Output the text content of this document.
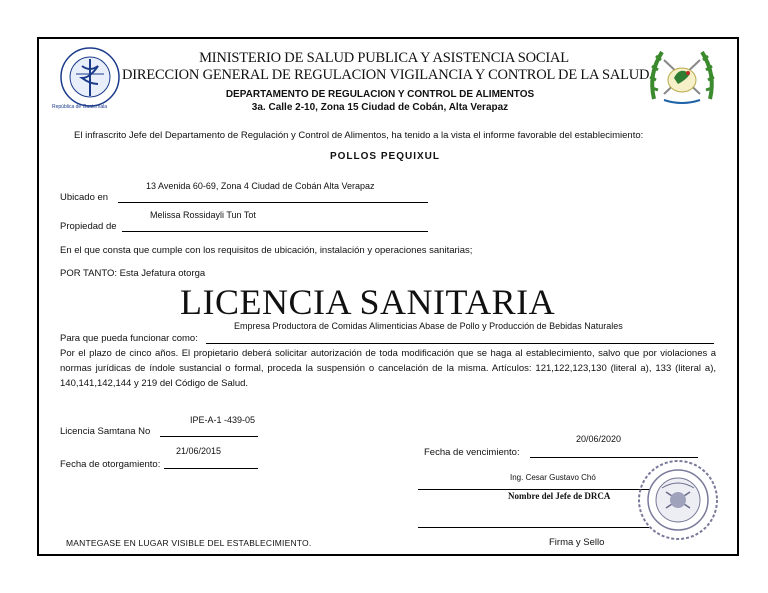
República de Guatemala
MINISTERIO DE SALUD PUBLICA Y ASISTENCIA SOCIAL
DIRECCION GENERAL DE REGULACION VIGILANCIA Y CONTROL DE LA SALUD
DEPARTAMENTO DE REGULACION Y CONTROL DE ALIMENTOS
3a. Calle 2-10, Zona 15 Ciudad de Cobán, Alta Verapaz
El infrascrito Jefe del Departamento de Regulación y Control de Alimentos, ha tenido a la vista el informe favorable del establecimiento:
POLLOS PEQUIXUL
Ubicado en
13 Avenida 60-69, Zona 4 Ciudad de Cobán Alta Verapaz
Propiedad de
Melissa Rossidayli Tun Tot
En el que consta que cumple con los requisitos de ubicación, instalación y operaciones sanitarias;
POR TANTO: Esta Jefatura otorga
LICENCIA SANITARIA
Empresa Productora de Comidas Alimenticias Abase de Pollo y Producción de Bebidas Naturales
Para que pueda funcionar como:
Por el plazo de cinco años. El propietario deberá solicitar autorización de toda modificación que se haga al establecimiento, salvo que por violaciones a normas jurídicas de índole sustancial o formal, proceda la suspensión o cancelación de la misma. Artículos: 121,122,123,130 (literal a), 133 (literal a), 140,141,142,144 y 219 del Código de Salud.
IPE-A-1 -439-05
Licencia Samtana No
21/06/2015
Fecha de otorgamiento:
20/06/2020
Fecha de vencimiento:
Ing. Cesar Gustavo Chó
Nombre del Jefe de DRCA
Firma y Sello
MANTEGASE EN LUGAR VISIBLE DEL ESTABLECIMIENTO.
